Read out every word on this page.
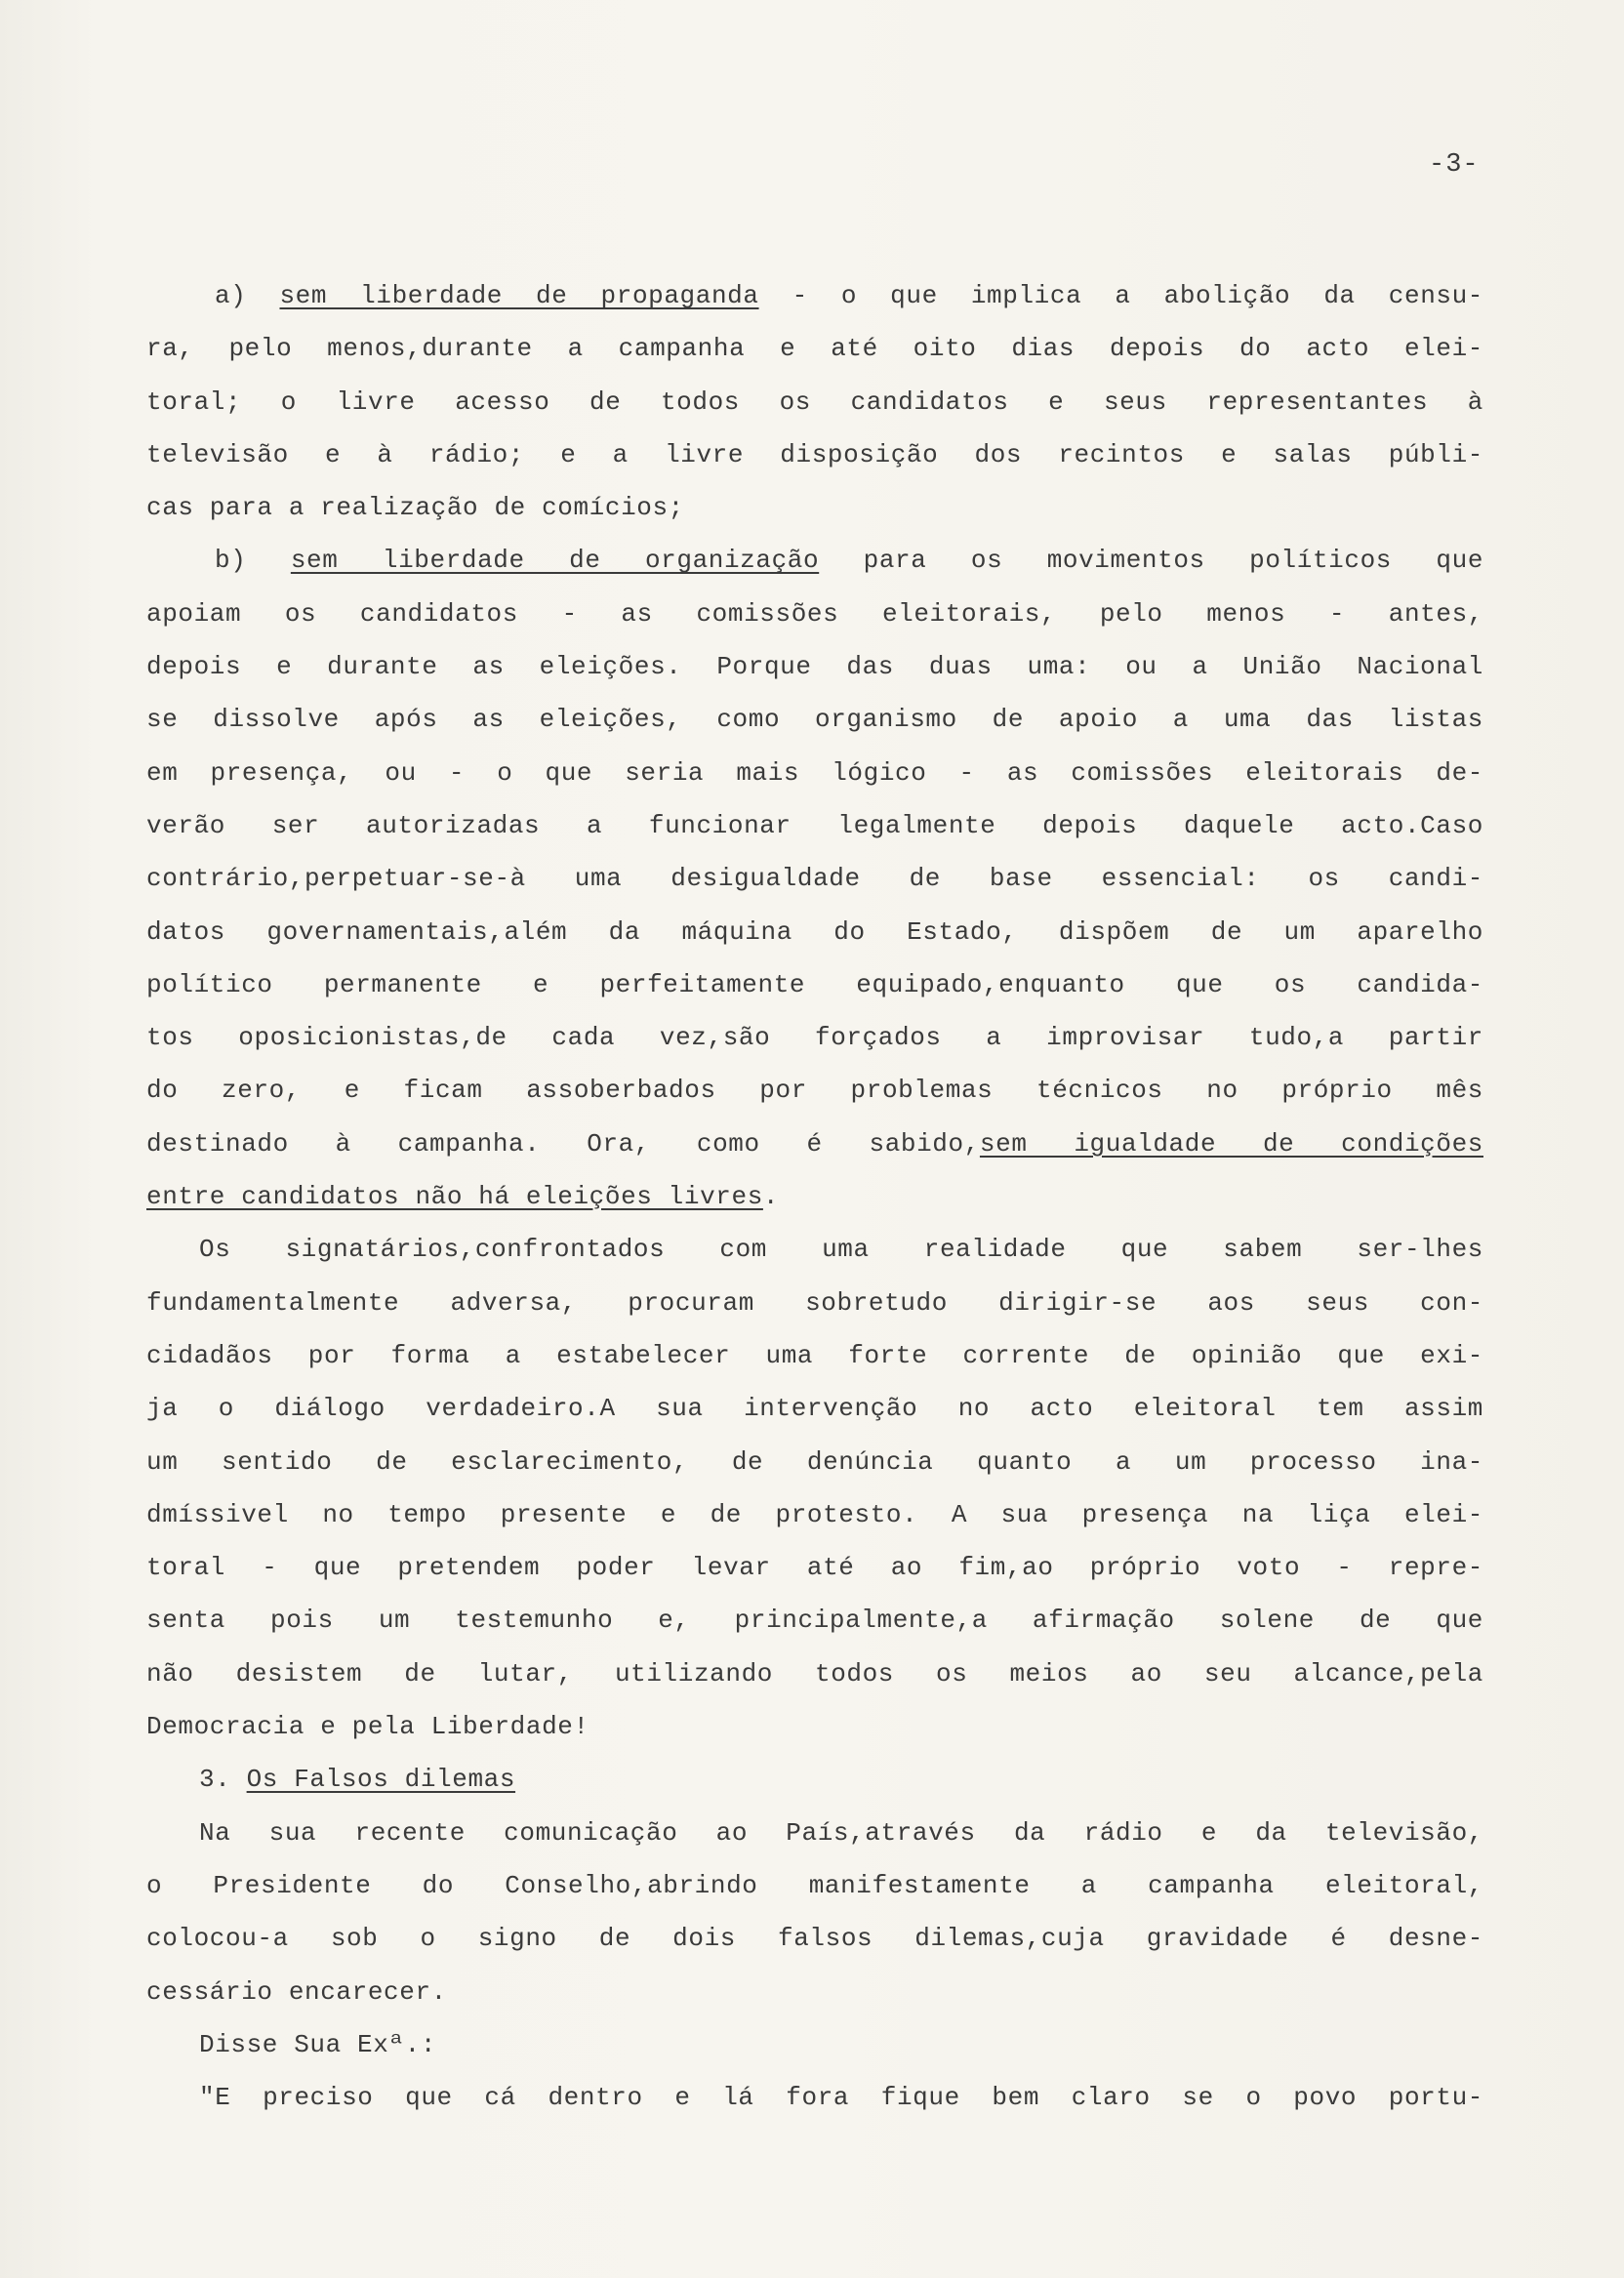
-3-
a) sem liberdade de propaganda - o que implica a abolição da censu-
ra, pelo menos,durante a campanha e até oito dias depois do acto elei-
toral; o livre acesso de todos os candidatos e seus representantes à
televisão e à rádio; e a livre disposição dos recintos e salas públi-
cas para a realização de comícios;
b) sem liberdade de organização para os movimentos políticos que
apoiam os candidatos - as comissões eleitorais, pelo menos - antes,
depois e durante as eleições. Porque das duas uma: ou a União Nacional
se dissolve após as eleições, como organismo de apoio a uma das listas
em presença, ou - o que seria mais lógico - as comissões eleitorais de-
verão ser autorizadas a funcionar legalmente depois daquele acto.Caso
contrário,perpetuar-se-à uma desigualdade de base essencial: os candi-
datos governamentais,além da máquina do Estado, dispõem de um aparelho
político permanente e perfeitamente equipado,enquanto que os candida-
tos oposicionistas,de cada vez,são forçados a improvisar tudo,a partir
do zero, e ficam assoberbados por problemas técnicos no próprio mês
destinado à campanha. Ora, como é sabido,sem igualdade de condições
entre candidatos não há eleições livres.
Os signatários,confrontados com uma realidade que sabem ser-lhes
fundamentalmente adversa, procuram sobretudo dirigir-se aos seus con-
cidadãos por forma a estabelecer uma forte corrente de opinião que exi-
ja o diálogo verdadeiro.A sua intervenção no acto eleitoral tem assim
um sentido de esclarecimento, de denúncia quanto a um processo ina-
dmíssivel no tempo presente e de protesto. A sua presença na liça elei-
toral - que pretendem poder levar até ao fim,ao próprio voto - repre-
senta pois um testemunho e, principalmente,a afirmação solene de que
não desistem de lutar, utilizando todos os meios ao seu alcance,pela
Democracia e pela Liberdade!
3. Os Falsos dilemas
Na sua recente comunicação ao País,através da rádio e da televisão,
o Presidente do Conselho,abrindo manifestamente a campanha eleitoral,
colocou-a sob o signo de dois falsos dilemas,cuja gravidade é desne-
cessário encarecer.
Disse Sua Exª.:
"E preciso que cá dentro e lá fora fique bem claro se o povo portu-
